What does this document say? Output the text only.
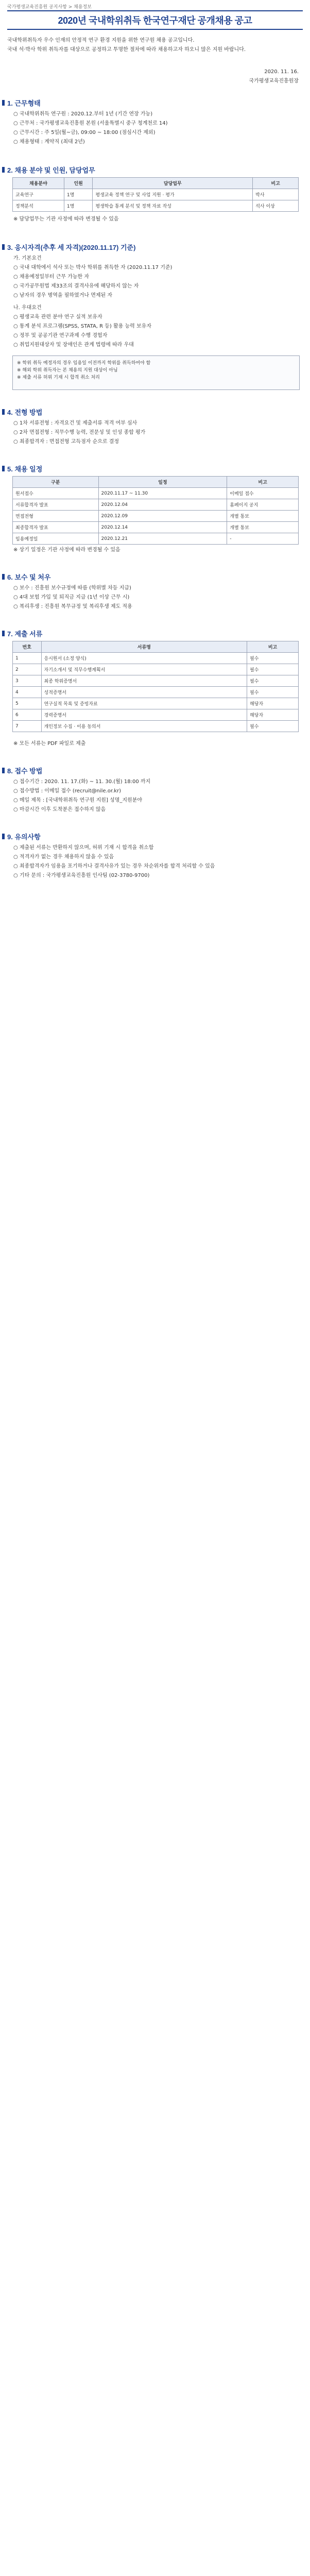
국가평생교육진흥원 공지사항 > 채용정보
2020년 국내학위취득 한국연구재단 공개채용 공고
국내학위취득자 우수 인재의 안정적 연구 환경 지원을 위한 연구원 채용 공고입니다.
국내 석·박사 학위 취득자를 대상으로 공정하고 투명한 절차에 따라 채용하고자 하오니 많은 지원 바랍니다.
2020. 11. 16.
국가평생교육진흥원장
1. 근무형태
○ 국내학위취득 연구원 : 2020.12.부터 1년 (기간 연장 가능)
○ 근무처 : 국가평생교육진흥원 본원 (서울특별시 중구 청계천로 14)
○ 근무시간 : 주 5일(월~금), 09:00 ~ 18:00 (점심시간 제외)
○ 채용형태 : 계약직 (최대 2년)
2. 채용 분야 및 인원, 담당업무
채용분야	인원	담당업무	비고
교육연구	1명	평생교육 정책 연구 및 사업 지원 · 평가	박사
정책분석	1명	평생학습 통계 분석 및 정책 자료 작성	석사 이상
※ 담당업무는 기관 사정에 따라 변경될 수 있음
3. 응시자격(추후 세 자격)(2020.11.17) 기준)
가. 기본요건
○ 국내 대학에서 석사 또는 박사 학위를 취득한 자 (2020.11.17 기준)
○ 채용예정일부터 근무 가능한 자
○ 국가공무원법 제33조의 결격사유에 해당하지 않는 자
○ 남자의 경우 병역을 필하였거나 면제된 자
나. 우대요건
○ 평생교육 관련 분야 연구 실적 보유자
○ 통계 분석 프로그램(SPSS, STATA, R 등) 활용 능력 보유자
○ 정부 및 공공기관 연구과제 수행 경험자
○ 취업지원대상자 및 장애인은 관계 법령에 따라 우대
※ 학위 취득 예정자의 경우 임용일 이전까지 학위를 취득하여야 함
※ 해외 학위 취득자는 본 채용의 지원 대상이 아님
※ 제출 서류 허위 기재 시 합격 취소 처리
4. 전형 방법
○ 1차 서류전형 : 자격요건 및 제출서류 적격 여부 심사
○ 2차 면접전형 : 직무수행 능력, 전문성 및 인성 종합 평가
○ 최종합격자 : 면접전형 고득점자 순으로 결정
5. 채용 일정
구분	일정	비고
원서접수	2020.11.17 ~ 11.30	이메일 접수
서류합격자 발표	2020.12.04	홈페이지 공지
면접전형	2020.12.09	개별 통보
최종합격자 발표	2020.12.14	개별 통보
임용예정일	2020.12.21	-
※ 상기 일정은 기관 사정에 따라 변경될 수 있음
6. 보수 및 처우
○ 보수 : 진흥원 보수규정에 따름 (학위별 차등 지급)
○ 4대 보험 가입 및 퇴직금 지급 (1년 이상 근무 시)
○ 복리후생 : 진흥원 복무규정 및 복리후생 제도 적용
7. 제출 서류
번호	서류명	비고
1	응시원서 (소정 양식)	필수
2	자기소개서 및 직무수행계획서	필수
3	최종 학위증명서	필수
4	성적증명서	필수
5	연구실적 목록 및 증빙자료	해당자
6	경력증명서	해당자
7	개인정보 수집 · 이용 동의서	필수
※ 모든 서류는 PDF 파일로 제출
8. 접수 방법
○ 접수기간 : 2020. 11. 17.(화) ~ 11. 30.(월) 18:00 까지
○ 접수방법 : 이메일 접수 (recruit@nile.or.kr)
○ 메일 제목 : [국내학위취득 연구원 지원] 성명_지원분야
○ 마감시간 이후 도착분은 접수하지 않음
9. 유의사항
○ 제출된 서류는 반환하지 않으며, 허위 기재 시 합격을 취소함
○ 적격자가 없는 경우 채용하지 않을 수 있음
○ 최종합격자가 임용을 포기하거나 결격사유가 있는 경우 차순위자를 합격 처리할 수 있음
○ 기타 문의 : 국가평생교육진흥원 인사팀 (02-3780-9700)
